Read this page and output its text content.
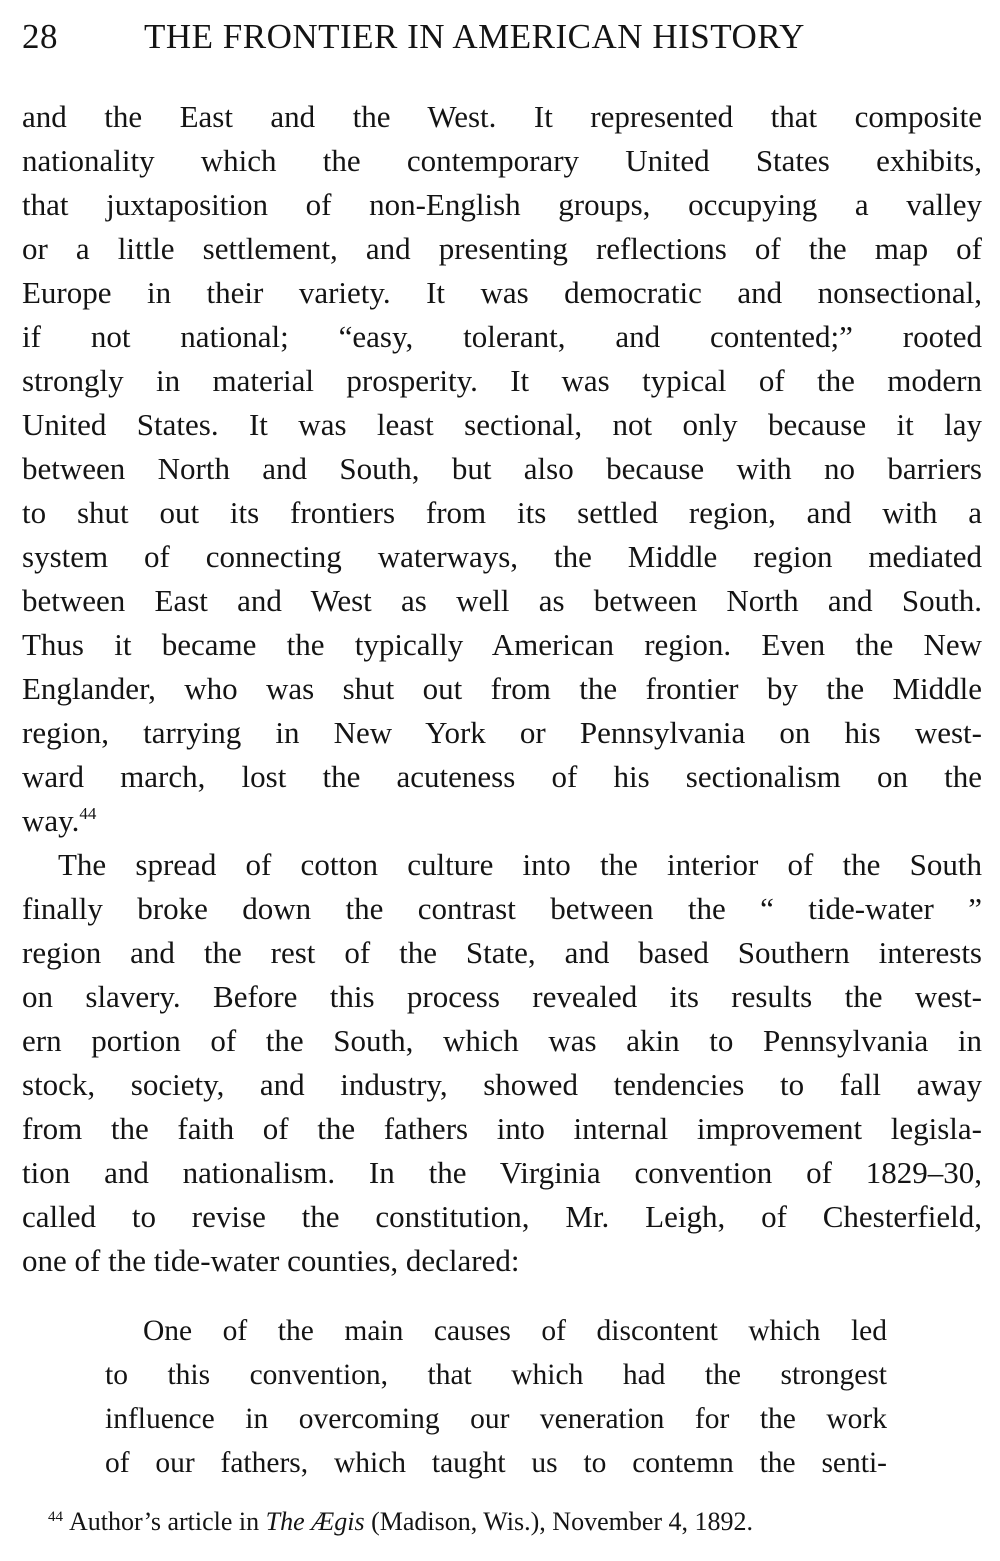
28 THE FRONTIER IN AMERICAN HISTORY
and the East and the West. It represented that composite
nationality which the contemporary United States exhibits,
that juxtaposition of non-English groups, occupying a valley
or a little settlement, and presenting reflections of the map of
Europe in their variety. It was democratic and nonsectional,
if not national; “easy, tolerant, and contented;” rooted
strongly in material prosperity. It was typical of the modern
United States. It was least sectional, not only because it lay
between North and South, but also because with no barriers
to shut out its frontiers from its settled region, and with a
system of connecting waterways, the Middle region mediated
between East and West as well as between North and South.
Thus it became the typically American region. Even the New
Englander, who was shut out from the frontier by the Middle
region, tarrying in New York or Pennsylvania on his west-
ward march, lost the acuteness of his sectionalism on the
way.$^{44}$
The spread of cotton culture into the interior of the South
finally broke down the contrast between the “ tide-water ”
region and the rest of the State, and based Southern interests
on slavery. Before this process revealed its results the west-
ern portion of the South, which was akin to Pennsylvania in
stock, society, and industry, showed tendencies to fall away
from the faith of the fathers into internal improvement legisla-
tion and nationalism. In the Virginia convention of 1829–30,
called to revise the constitution, Mr. Leigh, of Chesterfield,
one of the tide-water counties, declared:
One of the main causes of discontent which led
to this convention, that which had the strongest
influence in overcoming our veneration for the work
of our fathers, which taught us to contemn the senti-
$^{44}$ Author’s article in The Ægis (Madison, Wis.), November 4, 1892.
